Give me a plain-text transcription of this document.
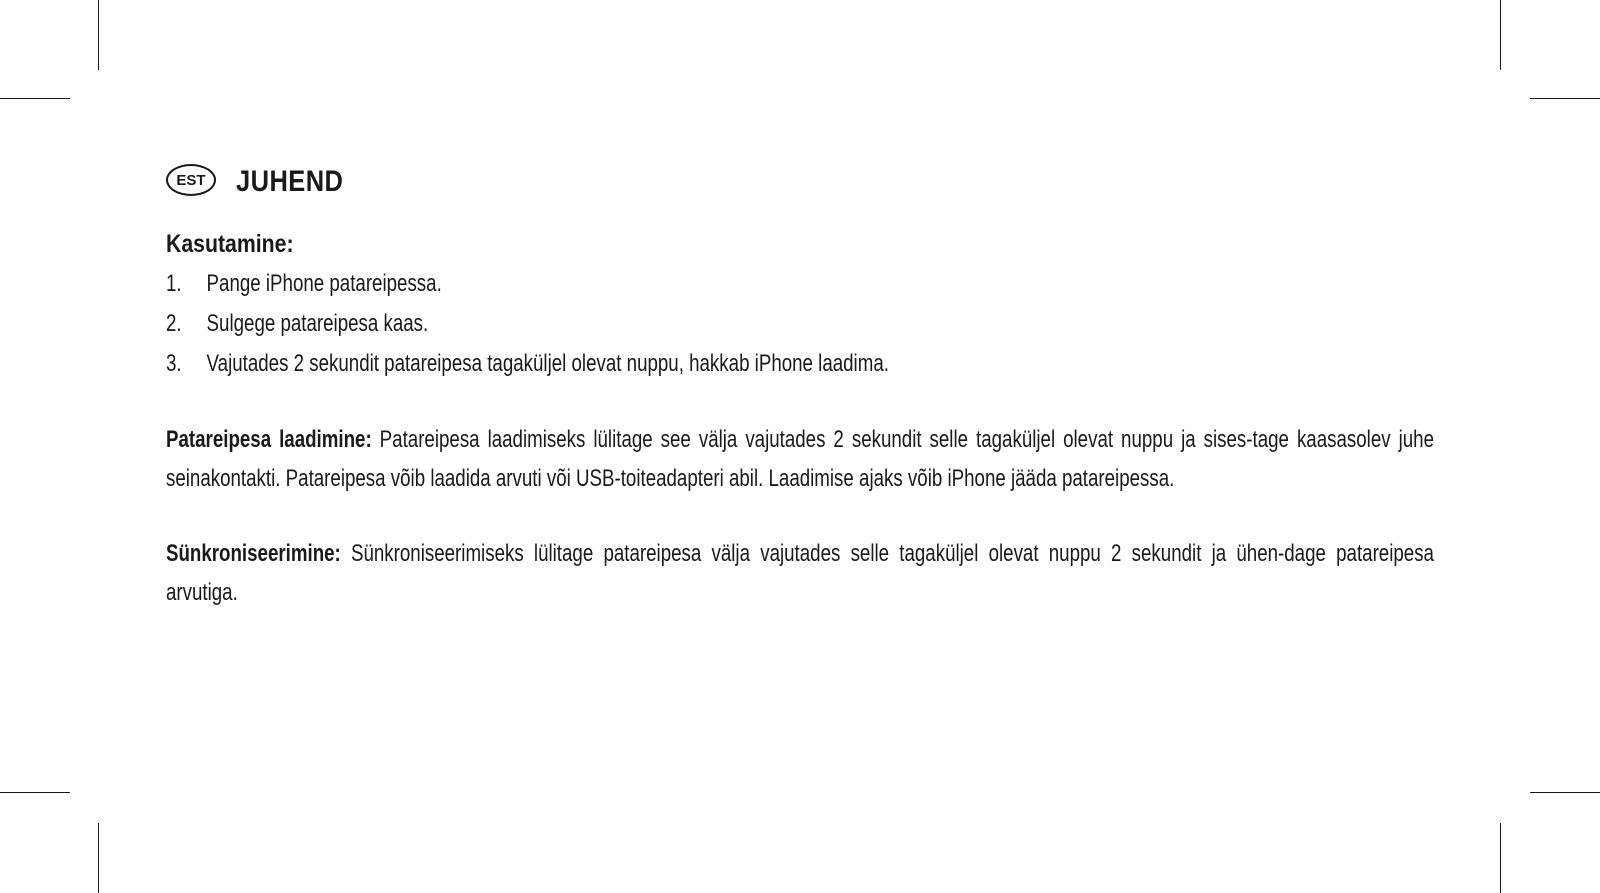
EST	JUHEND
Kasutamine:
1.	Pange iPhone patareipessa.
2.	Sulgege patareipesa kaas.
3.	Vajutades 2 sekundit patareipesa tagaküljel olevat nuppu, hakkab iPhone laadima.

Patareipesa laadimine: Patareipesa laadimiseks lülitage see välja vajutades 2 sekundit selle tagaküljel olevat nuppu ja sises-tage kaasasolev juhe seinakontakti. Patareipesa võib laadida arvuti või USB-toiteadapteri abil. Laadimise ajaks võib iPhone jääda patareipessa.

Sünkroniseerimine: Sünkroniseerimiseks lülitage patareipesa välja vajutades selle tagaküljel olevat nuppu 2 sekundit ja ühen-dage patareipesa arvutiga.
